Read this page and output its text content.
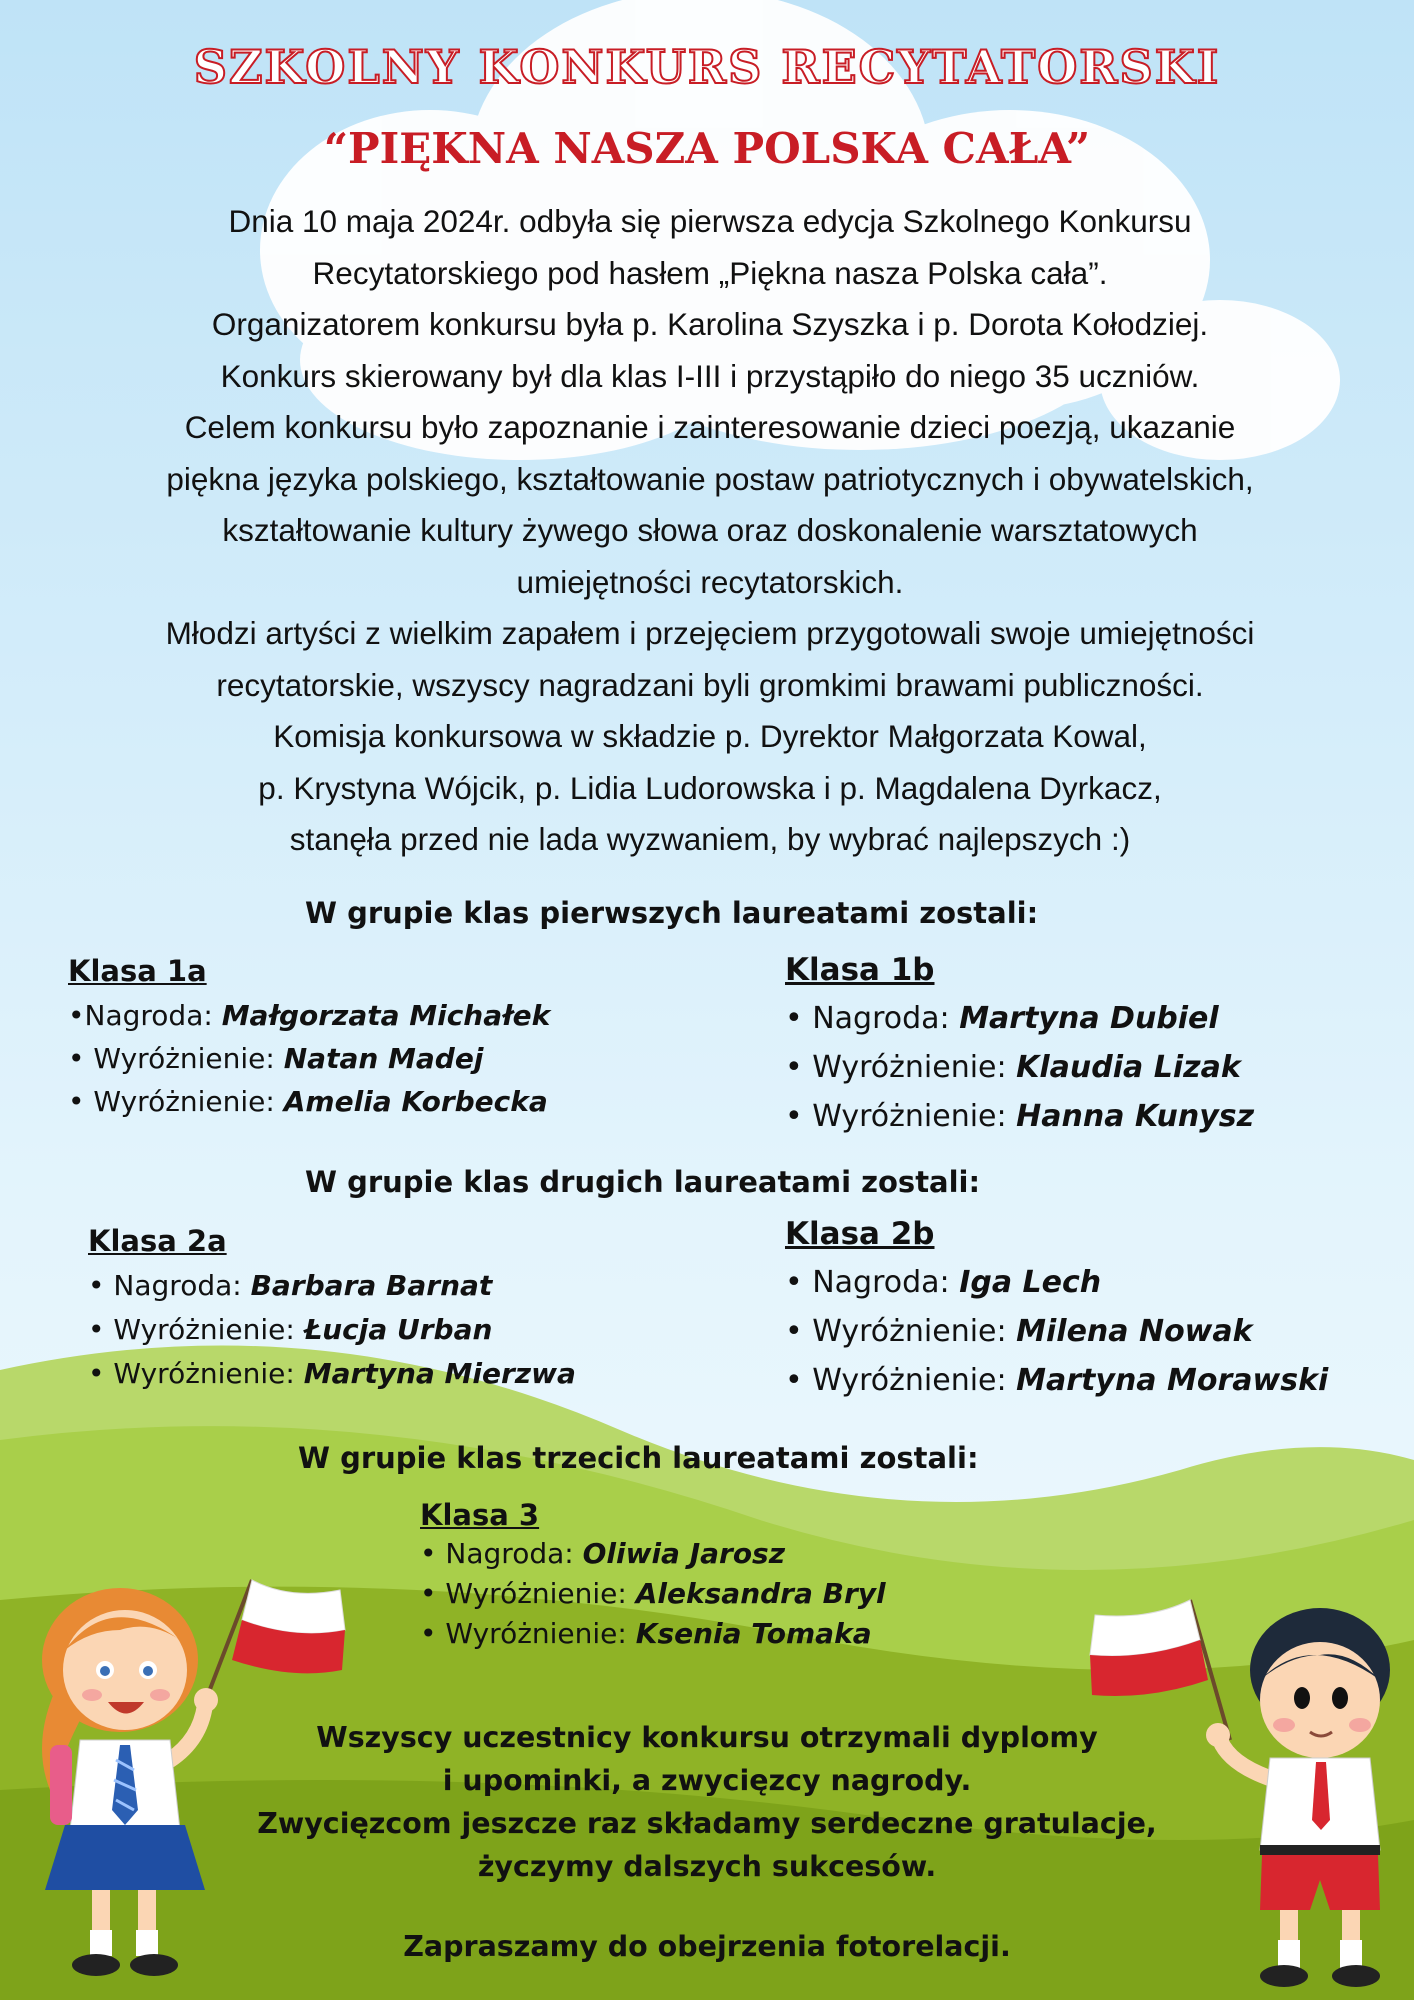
SZKOLNY KONKURS RECYTATORSKI
“PIĘKNA NASZA POLSKA CAŁA”

Dnia 10 maja 2024r. odbyła się pierwsza edycja Szkolnego Konkursu

Recytatorskiego pod hasłem „Piękna nasza Polska cała”.

Organizatorem konkursu była p. Karolina Szyszka i p. Dorota Kołodziej.

Konkurs skierowany był dla klas I-III i przystąpiło do niego 35 uczniów.

Celem konkursu było zapoznanie i zainteresowanie dzieci poezją, ukazanie

piękna języka polskiego, kształtowanie postaw patriotycznych i obywatelskich,

kształtowanie kultury żywego słowa oraz doskonalenie warsztatowych

umiejętności recytatorskich.

Młodzi artyści z wielkim zapałem i przejęciem przygotowali swoje umiejętności

recytatorskie, wszyscy nagradzani byli gromkimi brawami publiczności.

Komisja konkursowa w składzie p. Dyrektor Małgorzata Kowal,

p. Krystyna Wójcik, p. Lidia Ludorowska i p. Magdalena Dyrkacz,

stanęła przed nie lada wyzwaniem, by wybrać najlepszych :)

W grupie klas pierwszych laureatami zostali:
Klasa 1a
•Nagroda: Małgorzata Michałek
• Wyróżnienie: Natan Madej
• Wyróżnienie: Amelia Korbecka
Klasa 1b
• Nagroda: Martyna Dubiel
• Wyróżnienie: Klaudia Lizak
• Wyróżnienie: Hanna Kunysz
W grupie klas drugich laureatami zostali:
Klasa 2a
• Nagroda: Barbara Barnat
• Wyróżnienie: Łucja Urban
• Wyróżnienie: Martyna Mierzwa
Klasa 2b
• Nagroda: Iga Lech
• Wyróżnienie: Milena Nowak
• Wyróżnienie: Martyna Morawski
W grupie klas trzecich laureatami zostali:
Klasa 3
• Nagroda: Oliwia Jarosz
• Wyróżnienie: Aleksandra Bryl
• Wyróżnienie: Ksenia Tomaka

Wszyscy uczestnicy konkursu otrzymali dyplomy

i upominki, a zwycięzcy nagrody.

Zwycięzcom jeszcze raz składamy serdeczne gratulacje,

życzymy dalszych sukcesów.

Zapraszamy do obejrzenia fotorelacji.
